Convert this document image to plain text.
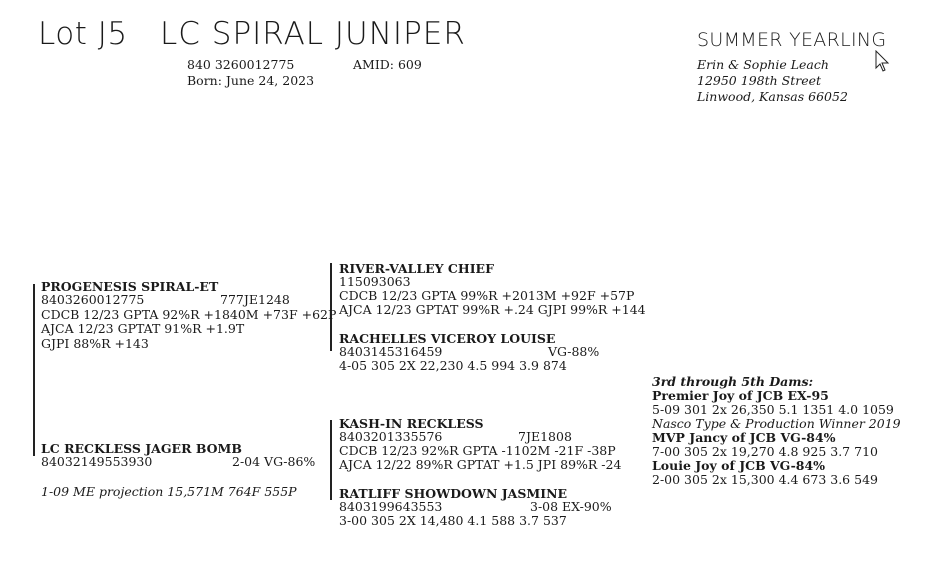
Lot J5 LC SPIRAL JUNIPER
840 3260012775	AMID: 609
Born: June 24, 2023
SUMMER YEARLING
Erin & Sophie Leach
12950 198th Street
Linwood, Kansas 66052
PROGENESIS SPIRAL-ET
8403260012775	777JE1248
CDCB 12/23 GPTA 92%R +1840M +73F +62P
AJCA 12/23 GPTAT 91%R +1.9T
GJPI 88%R +143
RIVER-VALLEY CHIEF
115093063
CDCB 12/23 GPTA 99%R +2013M +92F +57P
AJCA 12/23 GPTAT 99%R +.24 GJPI 99%R +144
RACHELLES VICEROY LOUISE
8403145316459	VG-88%
4-05 305 2X 22,230 4.5 994 3.9 874
LC RECKLESS JAGER BOMB
84032149553930	2-04 VG-86%
1-09 ME projection 15,571M 764F 555P
KASH-IN RECKLESS
8403201335576	7JE1808
CDCB 12/23 92%R GPTA -1102M -21F -38P
AJCA 12/22 89%R GPTAT +1.5 JPI 89%R -24
RATLIFF SHOWDOWN JASMINE
8403199643553	3-08 EX-90%
3-00 305 2X 14,480 4.1 588 3.7 537
3rd through 5th Dams:
Premier Joy of JCB EX-95
5-09 301 2x 26,350 5.1 1351 4.0 1059
Nasco Type & Production Winner 2019
MVP Jancy of JCB VG-84%
7-00 305 2x 19,270 4.8 925 3.7 710
Louie Joy of JCB VG-84%
2-00 305 2x 15,300 4.4 673 3.6 549
